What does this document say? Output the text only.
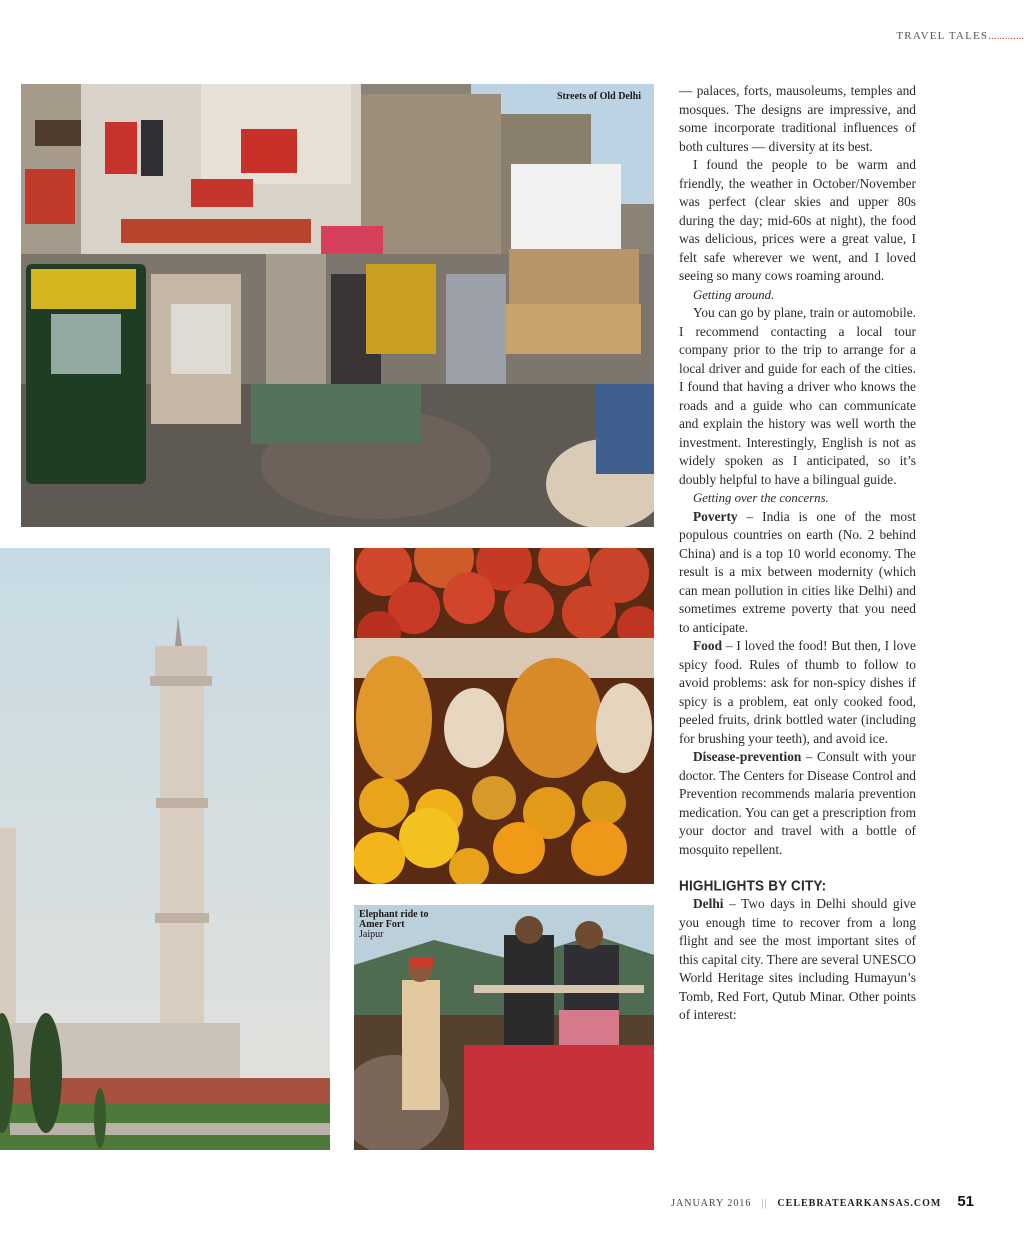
TRAVEL TALES.............
Streets of Old Delhi
Elephant ride to Amer Fort
Jaipur

— palaces, forts, mausoleums, temples and mosques. The designs are impressive, and some incorporate traditional influences of both cultures — diversity at its best.

I found the people to be warm and friendly, the weather in October/November was perfect (clear skies and upper 80s during the day; mid-60s at night), the food was delicious, prices were a great value, I felt safe wherever we went, and I loved seeing so many cows roaming around.

Getting around.

You can go by plane, train or automobile. I recommend contacting a local tour company prior to the trip to arrange for a local driver and guide for each of the cities. I found that having a driver who knows the roads and a guide who can communicate and explain the history was well worth the investment. Interestingly, English is not as widely spoken as I anticipated, so it’s doubly helpful to have a bilingual guide.

Getting over the concerns.

Poverty – India is one of the most populous countries on earth (No. 2 behind China) and is a top 10 world economy. The result is a mix between modernity (which can mean pollution in cities like Delhi) and sometimes extreme poverty that you need to anticipate.

Food – I loved the food! But then, I love spicy food. Rules of thumb to follow to avoid problems: ask for non-spicy dishes if spicy is a problem, eat only cooked food, peeled fruits, drink bottled water (including for brushing your teeth), and avoid ice.

Disease-prevention – Consult with your doctor. The Centers for Disease Control and Prevention recommends malaria prevention medication. You can get a prescription from your doctor and travel with a bottle of mosquito repellent.

HIGHLIGHTS BY CITY:

Delhi – Two days in Delhi should give you enough time to recover from a long flight and see the most important sites of this capital city. There are several UNESCO World Heritage sites including Humayun’s Tomb, Red Fort, Qutub Minar. Other points of interest:

JANUARY 2016 || CELEBRATEARKANSAS.COM 51
